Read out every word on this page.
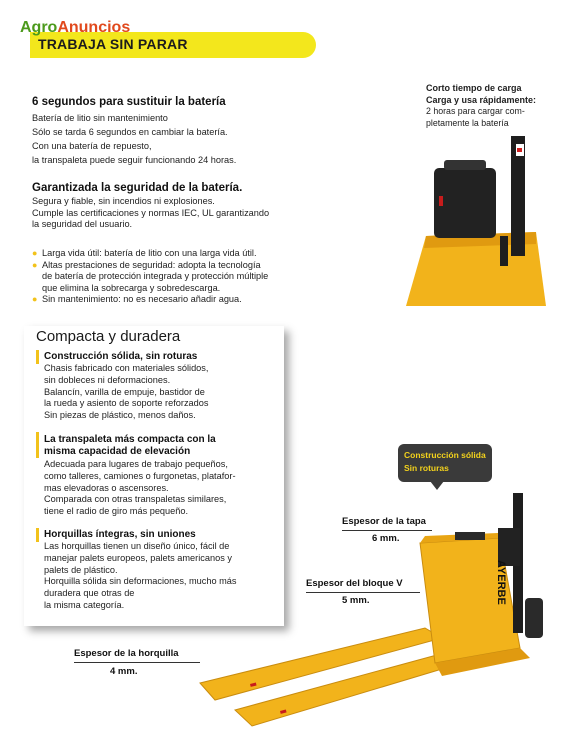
TRABAJA SIN PARAR
AgroAnuncios
6 segundos para sustituir la batería
Batería de litio sin mantenimiento
Sólo se tarda 6 segundos en cambiar la batería.
Con una batería de repuesto,
la transpaleta puede seguir funcionando 24 horas.
Garantizada la seguridad de la batería.
Segura y fiable, sin incendios ni explosiones.
Cumple las certificaciones y normas IEC, UL garantizando
la seguridad del usuario.
● Larga vida útil: batería de litio con una larga vida útil.
● Altas prestaciones de seguridad: adopta la tecnología
de batería de protección integrada y protección múltiple
que elimina la sobrecarga y sobredescarga.
● Sin mantenimiento: no es necesario añadir agua.
Corto tiempo de carga
Carga y usa rápidamente:
2 horas para cargar com-
pletamente la batería
Compacta y duradera
Construcción sólida, sin roturas
Chasis fabricado con materiales sólidos,
sin dobleces ni deformaciones.
Balancín, varilla de empuje, bastidor de
la rueda y asiento de soporte reforzados
Sin piezas de plástico, menos daños.
La transpaleta más compacta con la
misma capacidad de elevación
Adecuada para lugares de trabajo pequeños,
como talleres, camiones o furgonetas, platafor-
mas elevadoras o ascensores.
Comparada con otras transpaletas similares,
tiene el radio de giro más pequeño.
Horquillas íntegras, sin uniones
Las horquillas tienen un diseño único, fácil de
manejar palets europeos, palets americanos y
palets de plástico.
Horquilla sólida sin deformaciones, mucho más
duradera que otras de
la misma categoría.
Construcción sólida
Sin roturas
AYERBE
Espesor de la tapa
6 mm.
Espesor del bloque V
5 mm.
Espesor de la horquilla
4 mm.
